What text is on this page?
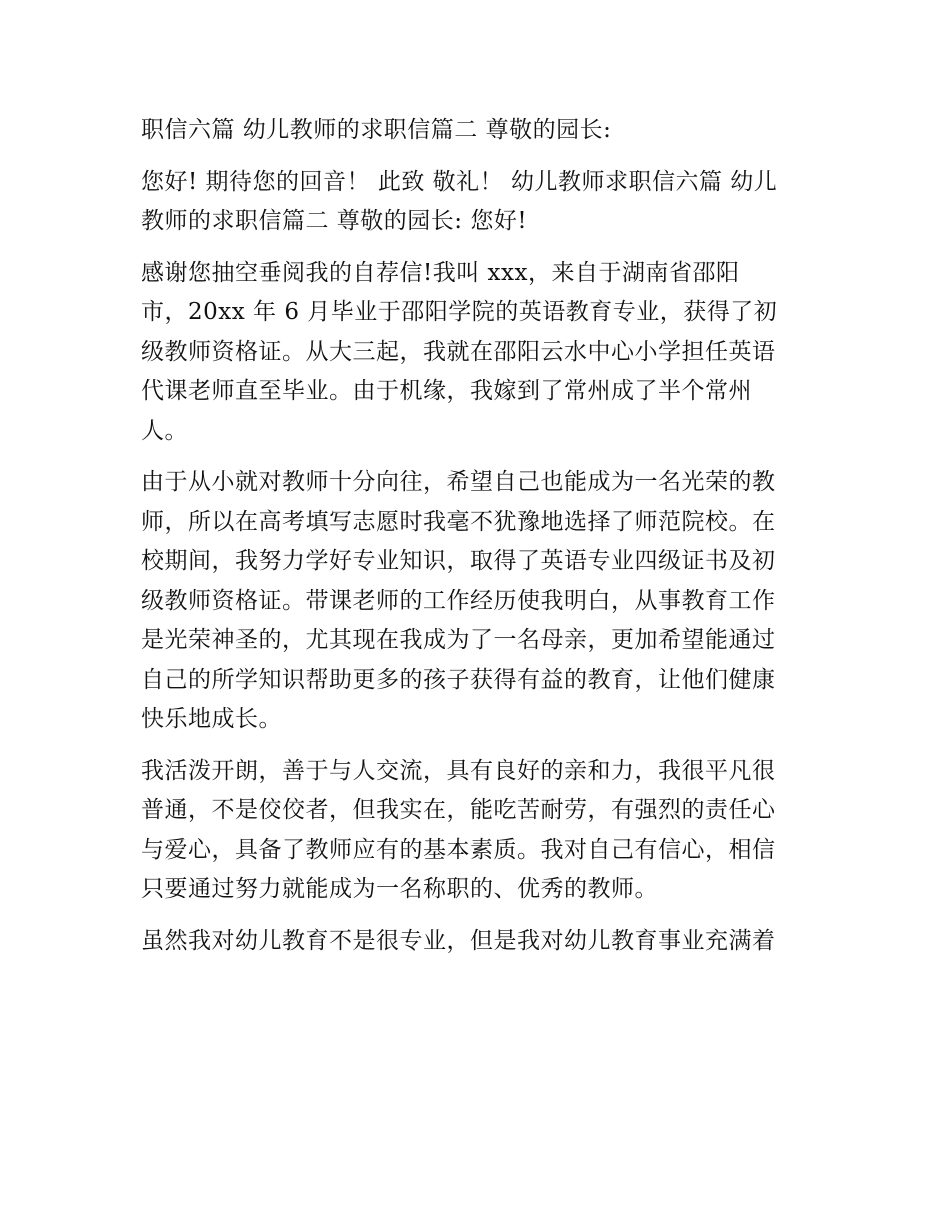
职信六篇 幼儿教师的求职信篇二 尊敬的园长:

您好! 期待您的回音！ 此致 敬礼！ 幼儿教师求职信六篇 幼儿

教师的求职信篇二 尊敬的园长: 您好!

感谢您抽空垂阅我的自荐信!我叫 xxx，来自于湖南省邵阳

市，20xx 年 6 月毕业于邵阳学院的英语教育专业，获得了初

级教师资格证。从大三起，我就在邵阳云水中心小学担任英语

代课老师直至毕业。由于机缘，我嫁到了常州成了半个常州

人。

由于从小就对教师十分向往，希望自己也能成为一名光荣的教

师，所以在高考填写志愿时我毫不犹豫地选择了师范院校。在

校期间，我努力学好专业知识，取得了英语专业四级证书及初

级教师资格证。带课老师的工作经历使我明白，从事教育工作

是光荣神圣的，尤其现在我成为了一名母亲，更加希望能通过

自己的所学知识帮助更多的孩子获得有益的教育，让他们健康

快乐地成长。

我活泼开朗，善于与人交流，具有良好的亲和力，我很平凡很

普通，不是佼佼者，但我实在，能吃苦耐劳，有强烈的责任心

与爱心，具备了教师应有的基本素质。我对自己有信心，相信

只要通过努力就能成为一名称职的、优秀的教师。

虽然我对幼儿教育不是很专业，但是我对幼儿教育事业充满着
